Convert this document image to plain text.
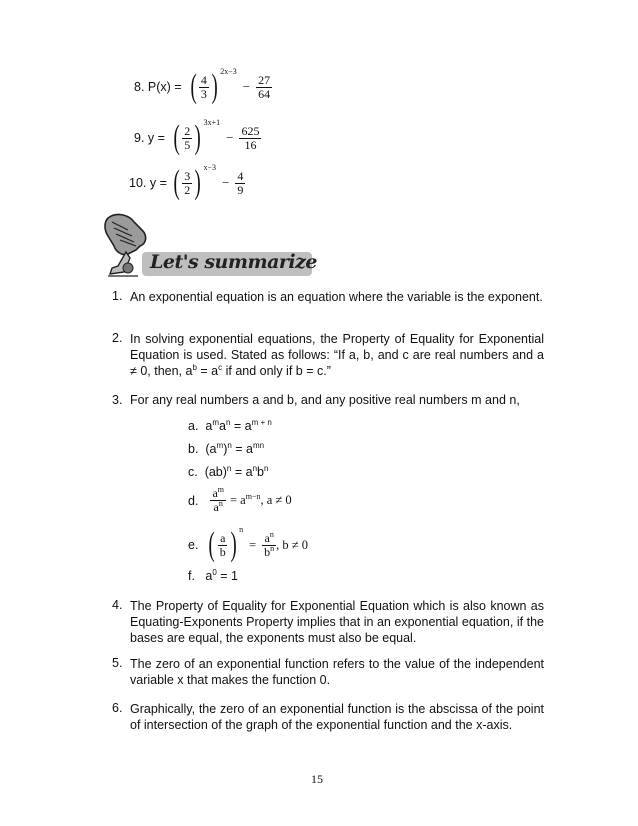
8. P(x) = ( $\frac{4}{3}$ ) 2x−3
− $\frac{27}{64}$
9. y = ( $\frac{2}{5}$ ) 3x+1
− $\frac{625}{16}$
10. y = ( $\frac{3}{2}$ ) x−3
− $\frac{4}{9}$
Let's summarize
1. An exponential equation is an equation where the variable is the exponent.
2. In solving exponential equations, the Property of Equality for Exponential Equation is used. Stated as follows: “If a, b, and c are real numbers and a ≠ 0, then, $a^b = a^c$ if and only if b = c.”
3. For any real numbers a and b, and any positive real numbers m and n,
a. $a^ma^n = a^{m + n}$
b. $(a^m)^n = a^{mn}$
c. $(ab)^n = a^nb^n$
d. $\frac{a^m}{a^n} = a^{m-n}$, a ≠ 0
e. ( $\frac{a}{b}$ ) n
= $\frac{a^n}{b^n}$ , b ≠ 0
f. $a^0 = 1$
4. The Property of Equality for Exponential Equation which is also known as Equating-Exponents Property implies that in an exponential equation, if the bases are equal, the exponents must also be equal.
5. The zero of an exponential function refers to the value of the independent variable x that makes the function 0.
6. Graphically, the zero of an exponential function is the abscissa of the point of intersection of the graph of the exponential function and the x-axis.
15
